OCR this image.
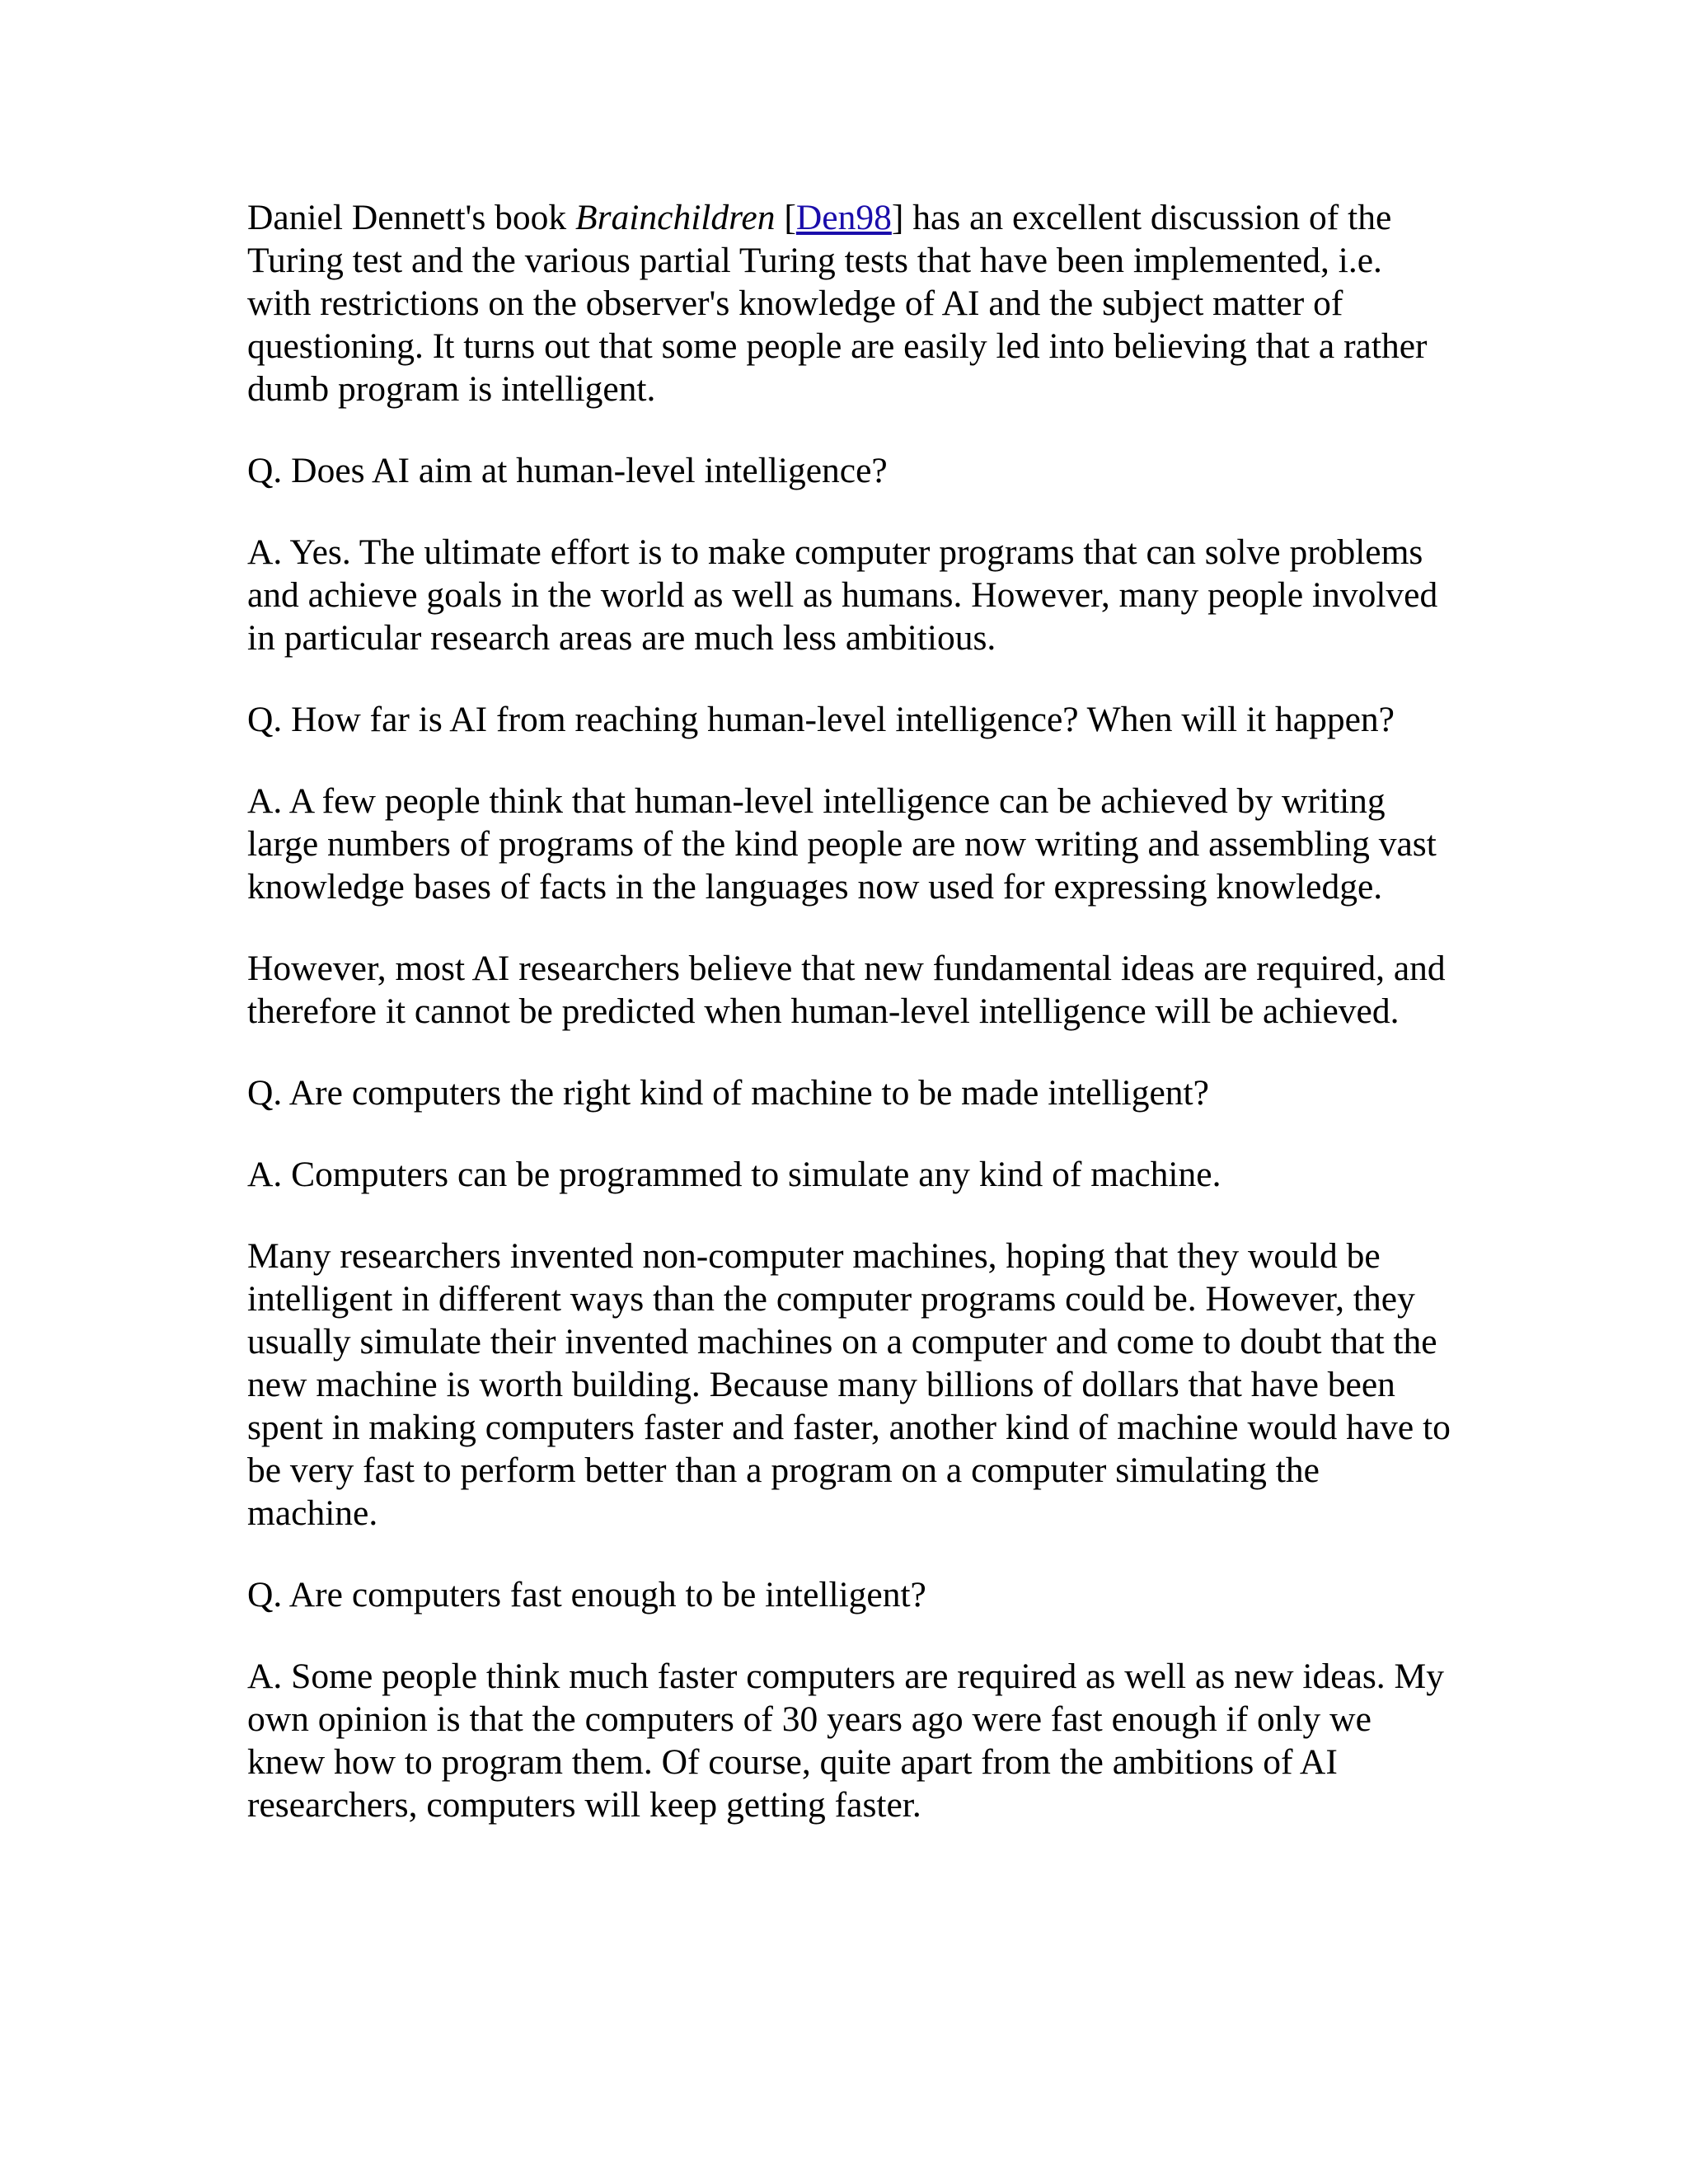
Daniel Dennett's book Brainchildren [Den98] has an excellent discussion of the Turing test and the various partial Turing tests that have been implemented, i.e. with restrictions on the observer's knowledge of AI and the subject matter of questioning. It turns out that some people are easily led into believing that a rather dumb program is intelligent.

Q. Does AI aim at human-level intelligence?

A. Yes. The ultimate effort is to make computer programs that can solve problems and achieve goals in the world as well as humans. However, many people involved in particular research areas are much less ambitious.

Q. How far is AI from reaching human-level intelligence? When will it happen?

A. A few people think that human-level intelligence can be achieved by writing large numbers of programs of the kind people are now writing and assembling vast knowledge bases of facts in the languages now used for expressing knowledge.

However, most AI researchers believe that new fundamental ideas are required, and therefore it cannot be predicted when human-level intelligence will be achieved.

Q. Are computers the right kind of machine to be made intelligent?

A. Computers can be programmed to simulate any kind of machine.

Many researchers invented non-computer machines, hoping that they would be intelligent in different ways than the computer programs could be. However, they usually simulate their invented machines on a computer and come to doubt that the new machine is worth building. Because many billions of dollars that have been spent in making computers faster and faster, another kind of machine would have to be very fast to perform better than a program on a computer simulating the machine.

Q. Are computers fast enough to be intelligent?

A. Some people think much faster computers are required as well as new ideas. My own opinion is that the computers of 30 years ago were fast enough if only we knew how to program them. Of course, quite apart from the ambitions of AI researchers, computers will keep getting faster.
